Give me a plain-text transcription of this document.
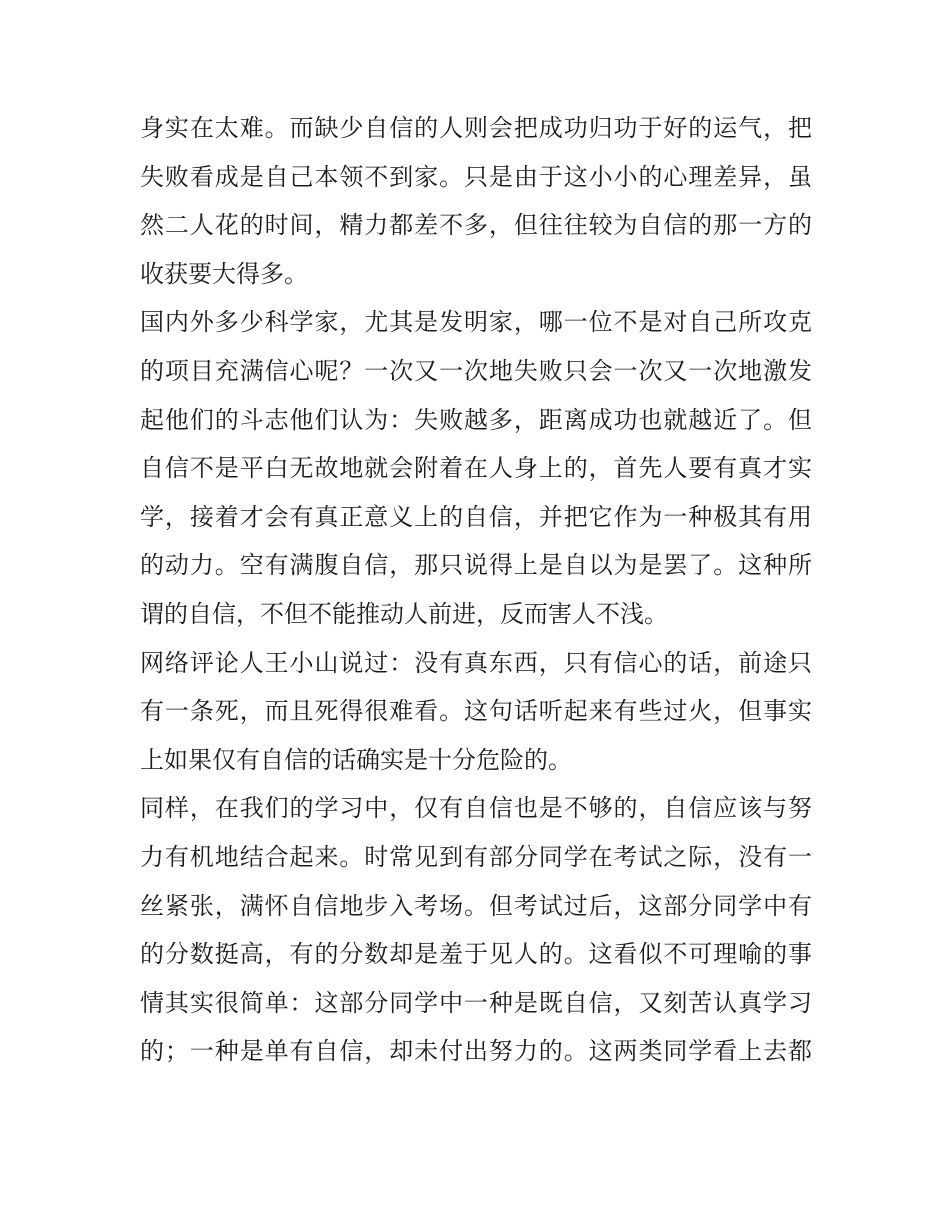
身实在太难。而缺少自信的人则会把成功归功于好的运气，把
失败看成是自己本领不到家。只是由于这小小的心理差异，虽
然二人花的时间，精力都差不多，但往往较为自信的那一方的
收获要大得多。
国内外多少科学家，尤其是发明家，哪一位不是对自己所攻克
的项目充满信心呢？一次又一次地失败只会一次又一次地激发
起他们的斗志他们认为：失败越多，距离成功也就越近了。但
自信不是平白无故地就会附着在人身上的，首先人要有真才实
学，接着才会有真正意义上的自信，并把它作为一种极其有用
的动力。空有满腹自信，那只说得上是自以为是罢了。这种所
谓的自信，不但不能推动人前进，反而害人不浅。
网络评论人王小山说过：没有真东西，只有信心的话，前途只
有一条死，而且死得很难看。这句话听起来有些过火，但事实
上如果仅有自信的话确实是十分危险的。
同样，在我们的学习中，仅有自信也是不够的，自信应该与努
力有机地结合起来。时常见到有部分同学在考试之际，没有一
丝紧张，满怀自信地步入考场。但考试过后，这部分同学中有
的分数挺高，有的分数却是羞于见人的。这看似不可理喻的事
情其实很简单：这部分同学中一种是既自信，又刻苦认真学习
的；一种是单有自信，却未付出努力的。这两类同学看上去都
